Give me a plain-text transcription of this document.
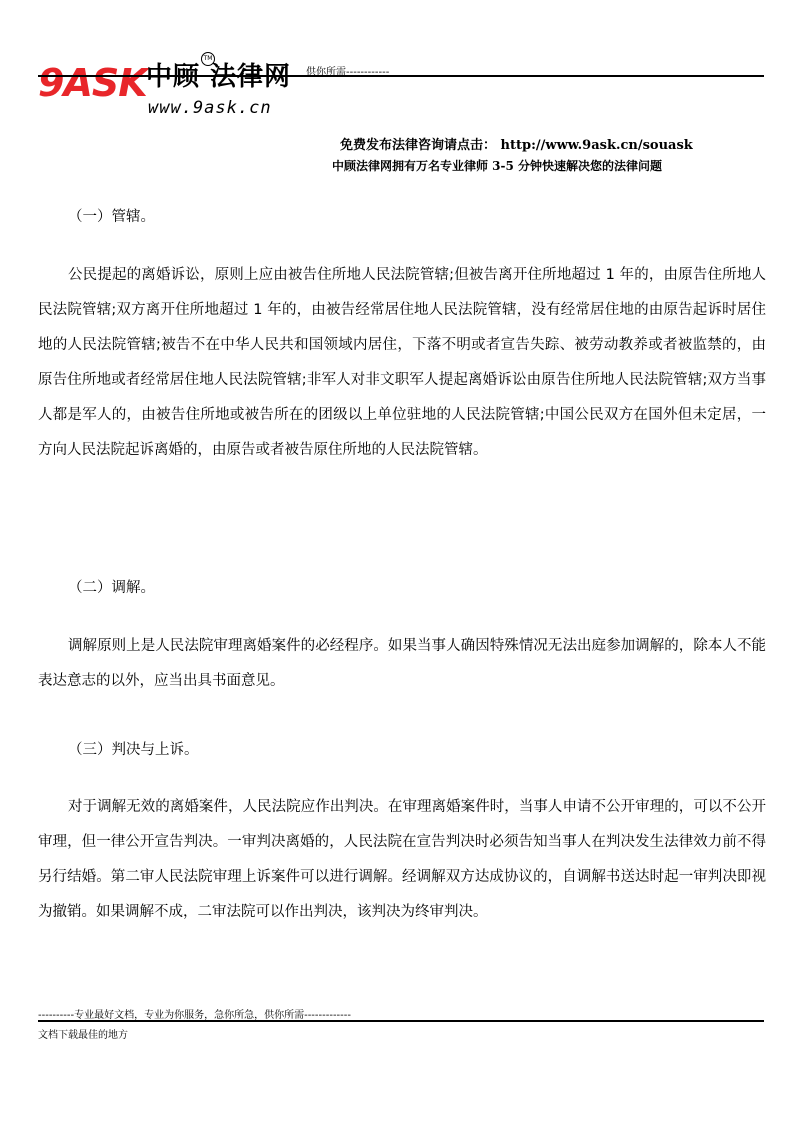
9ASK 中顾 法律网
TM
www.9ask.cn
供你所需------------
免费发布法律咨询请点击： http://www.9ask.cn/souask
中顾法律网拥有万名专业律师 3-5 分钟快速解决您的法律问题
（一）管辖。
公民提起的离婚诉讼，原则上应由被告住所地人民法院管辖;但被告离开住所地超过 1 年的，由原告住所地人民法院管辖;双方离开住所地超过 1 年的，由被告经常居住地人民法院管辖，没有经常居住地的由原告起诉时居住地的人民法院管辖;被告不在中华人民共和国领域内居住，下落不明或者宣告失踪、被劳动教养或者被监禁的，由原告住所地或者经常居住地人民法院管辖;非军人对非文职军人提起离婚诉讼由原告住所地人民法院管辖;双方当事人都是军人的，由被告住所地或被告所在的团级以上单位驻地的人民法院管辖;中国公民双方在国外但未定居，一方向人民法院起诉离婚的，由原告或者被告原住所地的人民法院管辖。
（二）调解。
调解原则上是人民法院审理离婚案件的必经程序。如果当事人确因特殊情况无法出庭参加调解的，除本人不能表达意志的以外，应当出具书面意见。
（三）判决与上诉。
对于调解无效的离婚案件，人民法院应作出判决。在审理离婚案件时，当事人申请不公开审理的，可以不公开审理，但一律公开宣告判决。一审判决离婚的，人民法院在宣告判决时必须告知当事人在判决发生法律效力前不得另行结婚。第二审人民法院审理上诉案件可以进行调解。经调解双方达成协议的，自调解书送达时起一审判决即视为撤销。如果调解不成，二审法院可以作出判决，该判决为终审判决。
----------专业最好文档，专业为你服务，急你所急，供你所需-------------
文档下载最佳的地方
